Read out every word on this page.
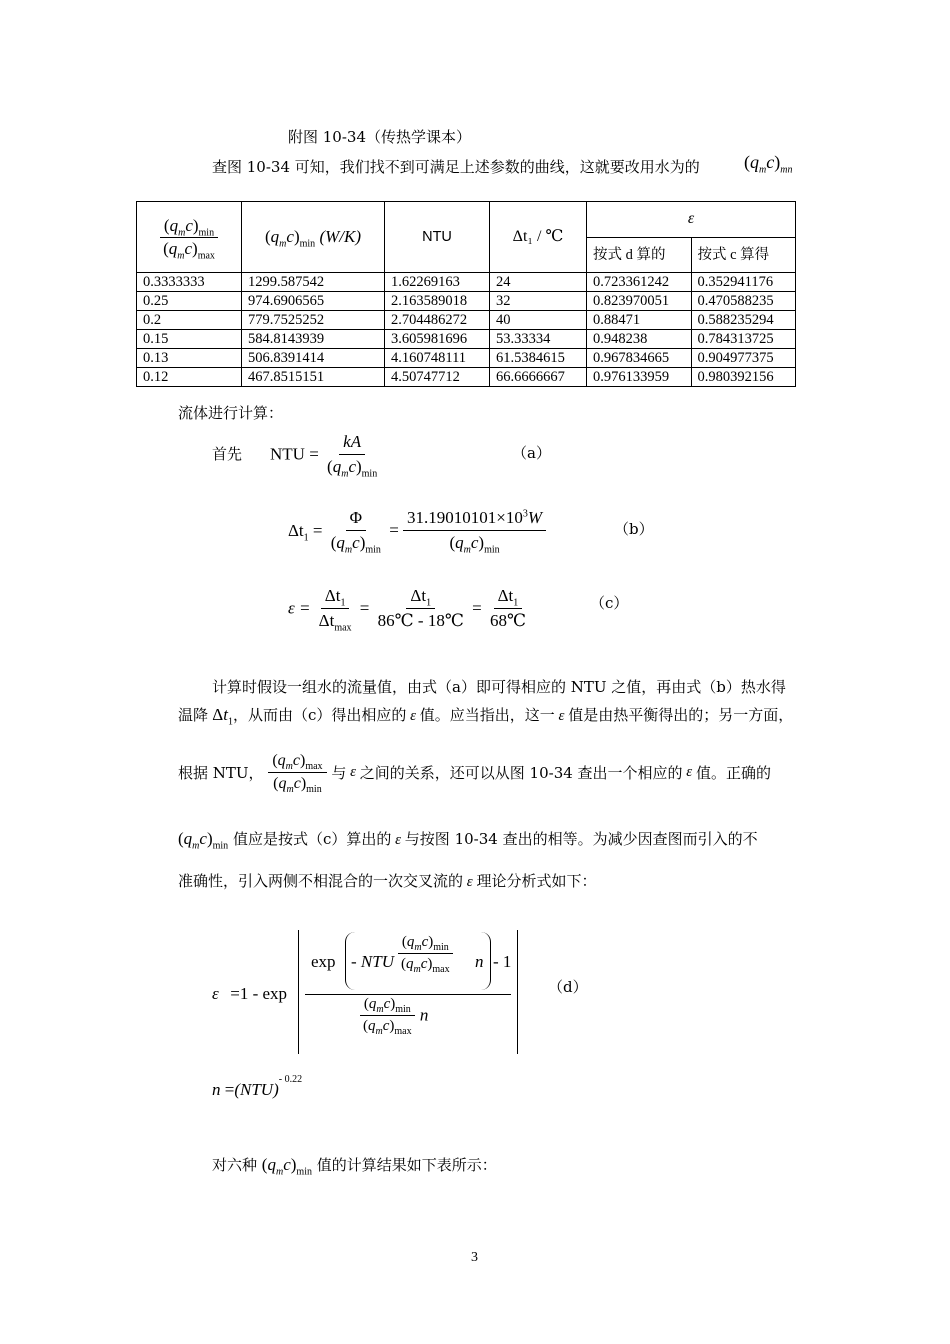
附图 10-34（传热学课本）
查图 10-34 可知，我们找不到可满足上述参数的曲线，这就要改用水为的 $(q_mc)_{mn}$
$\frac{(q_mc)_{min}}{(q_mc)_{max}}$	$(q_mc)_{min}$ (W/K)	NTU	Δt₁ / ℃	ε	
				按式 d 算的	按式 c 算得
0.3333333	1299.587542	1.62269163	24	0.723361242	0.352941176
0.25	974.6906565	2.163589018	32	0.823970051	0.470588235
0.2	779.7525252	2.704486272	40	0.88471	0.588235294
0.15	584.8143939	3.605981696	53.33334	0.948238	0.784313725
0.13	506.8391414	4.160748111	61.5384615	0.967834665	0.904977375
0.12	467.8515151	4.50747712	66.6666667	0.976133959	0.980392156
流体进行计算：
首先 NTU = $\frac{kA}{(q_mc)_{min}}$	（a）
$\Delta t_1 = \frac{\Phi}{(q_mc)_{min}} = \frac{31.19010101\times 10^3W}{(q_mc)_{min}}$	（b）
$\varepsilon = \frac{\Delta t_1}{\Delta t_{max}} = \frac{\Delta t_1}{86℃ - 18℃} = \frac{\Delta t_1}{68℃}$	（c）
计算时假设一组水的流量值，由式（a）即可得相应的 NTU 之值，再由式（b）热水得
温降 $\Delta t_1$，从而由（c）得出相应的 ε 值。应当指出，这一 ε 值是由热平衡得出的；另一方面，
根据 NTU， $\frac{(q_mc)_{max}}{(q_mc)_{min}}$ 与 ε 之间的关系，还可以从图 10-34 查出一个相应的 ε 值。正确的
$(q_mc)_{min}$ 值应是按式（c）算出的 ε 与按图 10-34 查出的相等。为减少因查图而引入的不
准确性，引入两侧不相混合的一次交叉流的 ε 理论分析式如下：
ε =1 - exp
exp - NTU
$(q_mc)_{min}$
$(q_mc)_{max}$ n - 1
$\frac{(q_mc)_{min}}{(q_mc)_{max}}$ n
（d）
n =(NTU)$^{- 0.22}$
对六种 $(q_mc)_{min}$ 值的计算结果如下表所示：
3
